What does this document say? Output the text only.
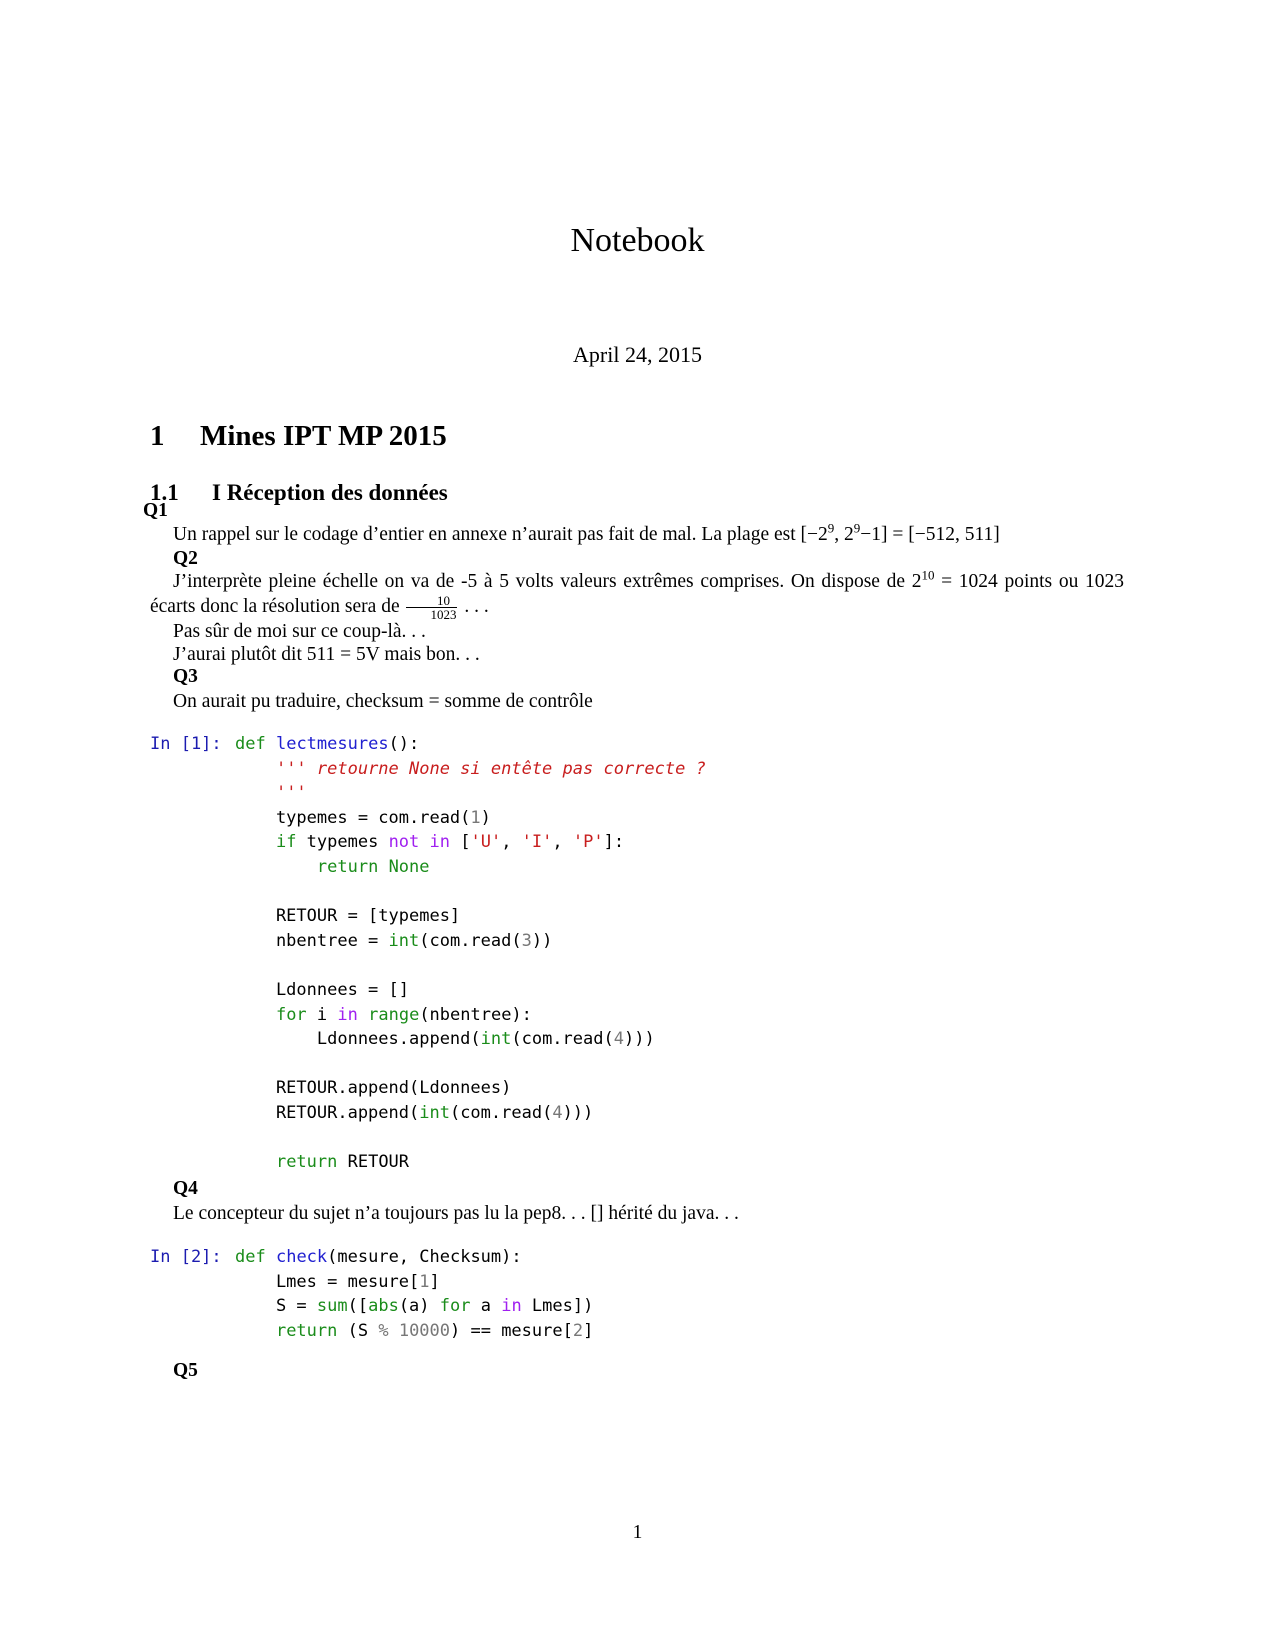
Notebook
April 24, 2015
1 Mines IPT MP 2015
1.1 I Réception des données
Q1
Un rappel sur le codage d’entier en annexe n’aurait pas fait de mal. La plage est [$-2^9$, $2^9-1] = [-512$, 511]
Q2
J’interprète pleine échelle on va de -5 à 5 volts valeurs extrêmes comprises. On dispose de $2^{10} = 1024$ points ou 1023 écarts donc la résolution sera de $\frac{10}{1023}$ . . .
Pas sûr de moi sur ce coup-là. . .
J’aurai plutôt dit 511 = 5V mais bon. . .
Q3
On aurait pu traduire, checksum = somme de contrôle
In [1]: def lectmesures():
''' retourne None si entête pas correcte ?
'''
typemes = com.read(1)
if typemes not in ['U', 'I', 'P']:
return None

RETOUR = [typemes]
nbentree = int(com.read(3))

Ldonnees = []
for i in range(nbentree):
Ldonnees.append(int(com.read(4)))

RETOUR.append(Ldonnees)
RETOUR.append(int(com.read(4)))

return RETOUR
Q4
Le concepteur du sujet n’a toujours pas lu la pep8. . . [] hérité du java. . .
In [2]: def check(mesure, Checksum):
Lmes = mesure[1]
S = sum([abs(a) for a in Lmes])
return (S % 10000) == mesure[2]
Q5
1
